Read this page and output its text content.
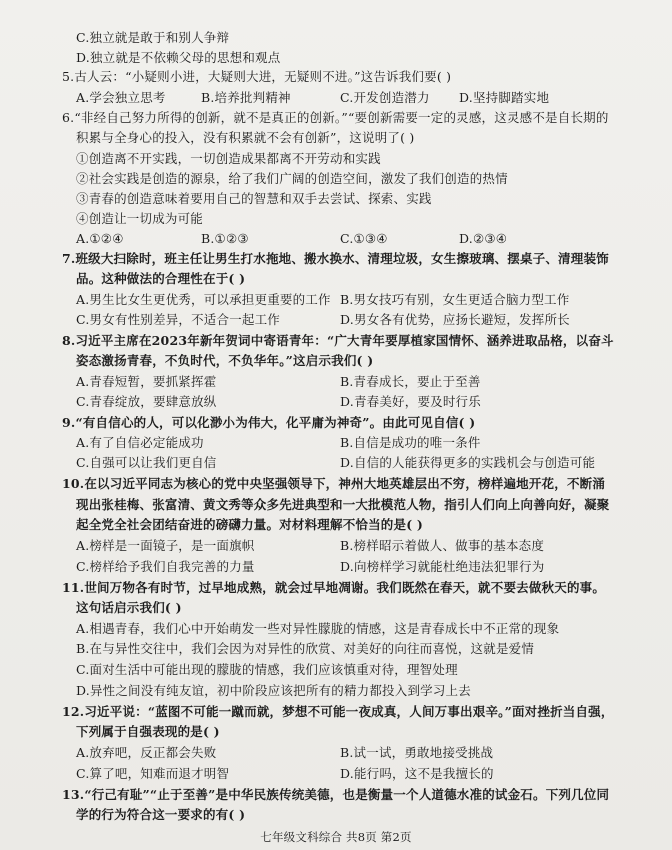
C.独立就是敢于和别人争辩
D.独立就是不依赖父母的思想和观点
5.古人云：“小疑则小进，大疑则大进，无疑则不进。”这告诉我们要( )
A.学会独立思考	B.培养批判精神	C.开发创造潜力 D.坚持脚踏实地
6.“非经自己努力所得的创新，就不是真正的创新。”“要创新需要一定的灵感，这灵感不是自长期的
积累与全身心的投入，没有积累就不会有创新”，这说明了( )
①创造离不开实践，一切创造成果都离不开劳动和实践
②社会实践是创造的源泉，给了我们广阔的创造空间，激发了我们创造的热情
③青春的创造意味着要用自己的智慧和双手去尝试、探索、实践
④创造让一切成为可能
A.①②④	B.①②③	C.①③④	D.②③④
7.班级大扫除时，班主任让男生打水拖地、搬水换水、清理垃圾，女生擦玻璃、摆桌子、清理装饰
品。这种做法的合理性在于( )
A.男生比女生更优秀，可以承担更重要的工作 B.男女技巧有别，女生更适合脑力型工作
C.男女有性别差异，不适合一起工作	D.男女各有优势，应扬长避短，发挥所长
8.习近平主席在2023年新年贺词中寄语青年：“广大青年要厚植家国情怀、涵养进取品格，以奋斗
姿态激扬青春，不负时代，不负华年。”这启示我们( )
A.青春短暂，要抓紧挥霍	B.青春成长，要止于至善
C.青春绽放，要肆意放纵	D.青春美好，要及时行乐
9.“有自信心的人，可以化渺小为伟大，化平庸为神奇”。由此可见自信( )
A.有了自信必定能成功	B.自信是成功的唯一条件
C.自强可以让我们更自信	D.自信的人能获得更多的实践机会与创造可能
10.在以习近平同志为核心的党中央坚强领导下，神州大地英雄层出不穷，榜样遍地开花，不断涌
现出张桂梅、张富清、黄文秀等众多先进典型和一大批模范人物，指引人们向上向善向好，凝聚
起全党全社会团结奋进的磅礴力量。对材料理解不恰当的是( )
A.榜样是一面镜子，是一面旗帜	B.榜样昭示着做人、做事的基本态度
C.榜样给予我们自我完善的力量	D.向榜样学习就能杜绝违法犯罪行为
11.世间万物各有时节，过早地成熟，就会过早地凋谢。我们既然在春天，就不要去做秋天的事。
这句话启示我们( )
A.相遇青春，我们心中开始萌发一些对异性朦胧的情感，这是青春成长中不正常的现象
B.在与异性交往中，我们会因为对异性的欣赏、对美好的向往而喜悦，这就是爱情
C.面对生活中可能出现的朦胧的情感，我们应该慎重对待，理智处理
D.异性之间没有纯友谊，初中阶段应该把所有的精力都投入到学习上去
12.习近平说：“蓝图不可能一蹴而就，梦想不可能一夜成真，人间万事出艰辛。”面对挫折当自强，
下列属于自强表现的是( )
A.放弃吧，反正都会失败	B.试一试，勇敢地接受挑战
C.算了吧，知难而退才明智	D.能行吗，这不是我擅长的
13.“行己有耻”“止于至善”是中华民族传统美德，也是衡量一个人道德水准的试金石。下列几位同
学的行为符合这一要求的有( )
七年级文科综合 共8页 第2页
